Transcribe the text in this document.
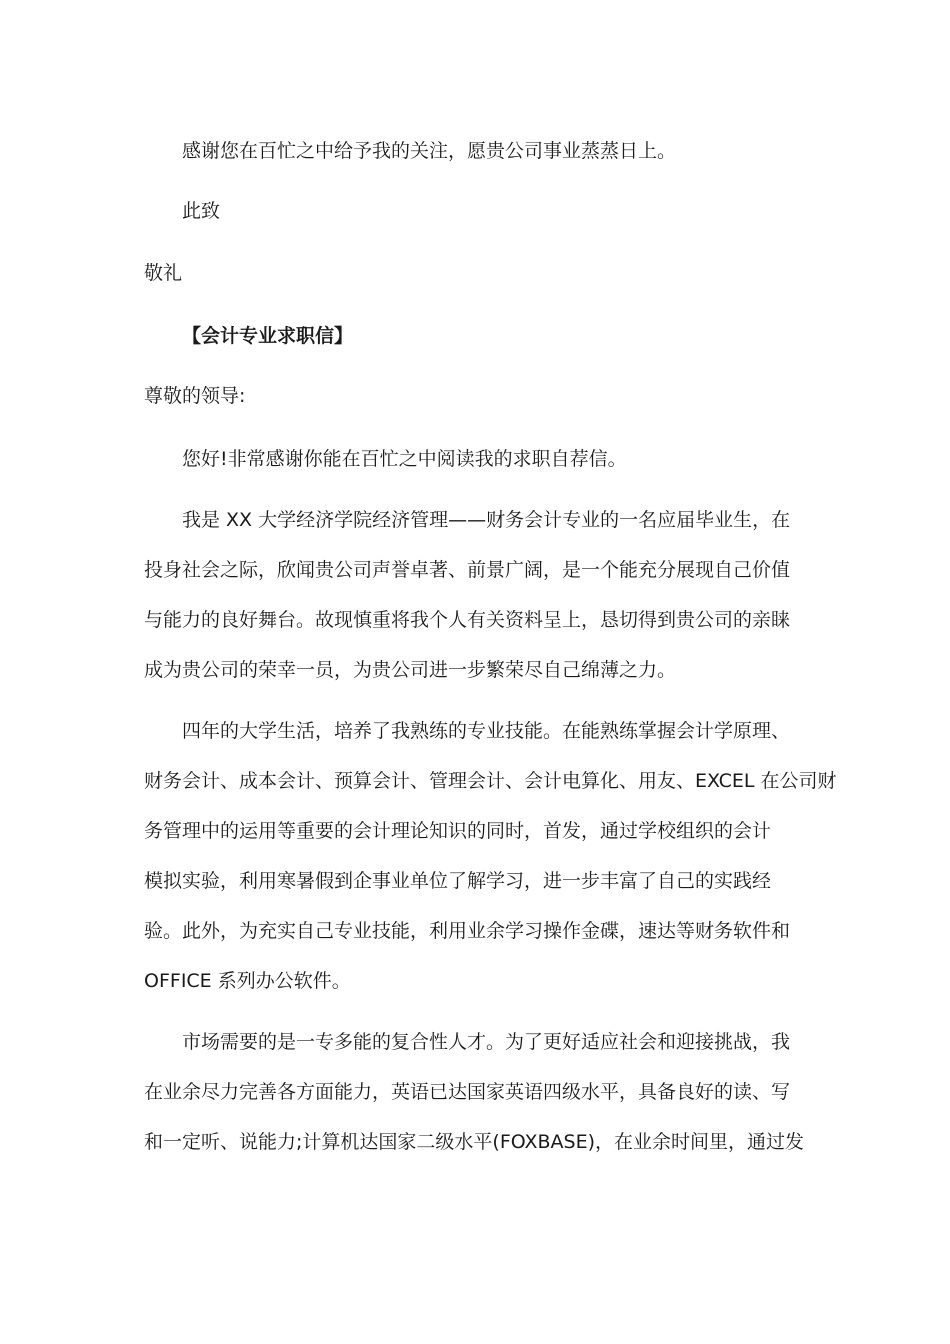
感谢您在百忙之中给予我的关注，愿贵公司事业蒸蒸日上。
此致
敬礼
【会计专业求职信】
尊敬的领导:
您好!非常感谢你能在百忙之中阅读我的求职自荐信。
我是 XX 大学经济学院经济管理——财务会计专业的一名应届毕业生，在
投身社会之际，欣闻贵公司声誉卓著、前景广阔，是一个能充分展现自己价值
与能力的良好舞台。故现慎重将我个人有关资料呈上，恳切得到贵公司的亲睐
成为贵公司的荣幸一员，为贵公司进一步繁荣尽自己绵薄之力。
四年的大学生活，培养了我熟练的专业技能。在能熟练掌握会计学原理、
财务会计、成本会计、预算会计、管理会计、会计电算化、用友、EXCEL 在公司财
务管理中的运用等重要的会计理论知识的同时，首发，通过学校组织的会计
模拟实验，利用寒暑假到企事业单位了解学习，进一步丰富了自己的实践经
验。此外，为充实自己专业技能，利用业余学习操作金碟，速达等财务软件和
OFFICE 系列办公软件。
市场需要的是一专多能的复合性人才。为了更好适应社会和迎接挑战，我
在业余尽力完善各方面能力，英语已达国家英语四级水平，具备良好的读、写
和一定听、说能力;计算机达国家二级水平(FOXBASE)，在业余时间里，通过发
